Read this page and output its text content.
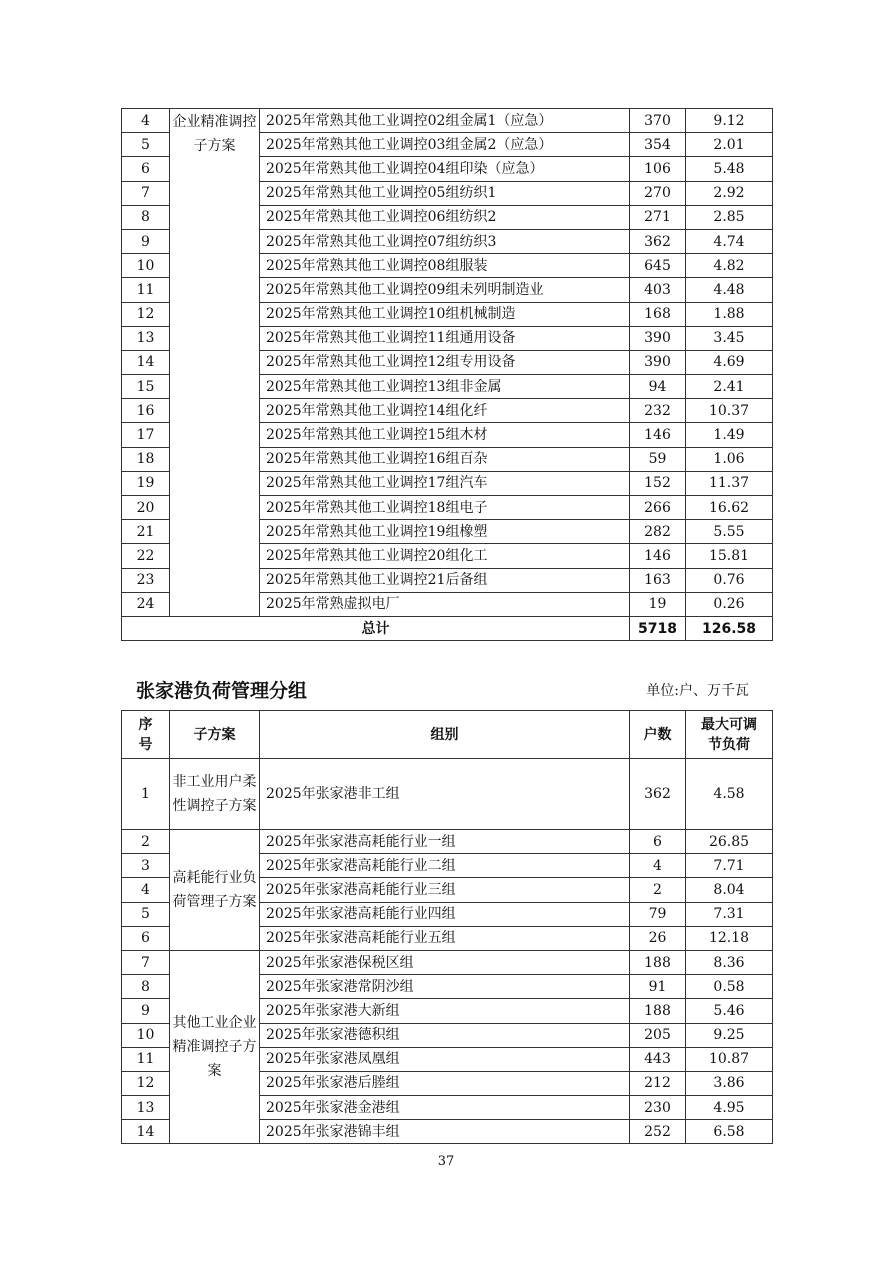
4	企业精准调控子方案	2025年常熟其他工业调控02组金属1（应急）	370	9.12
5		2025年常熟其他工业调控03组金属2（应急）	354	2.01
6		2025年常熟其他工业调控04组印染（应急）	106	5.48
7		2025年常熟其他工业调控05组纺织1	270	2.92
8		2025年常熟其他工业调控06组纺织2	271	2.85
9		2025年常熟其他工业调控07组纺织3	362	4.74
10		2025年常熟其他工业调控08组服装	645	4.82
11		2025年常熟其他工业调控09组未列明制造业	403	4.48
12		2025年常熟其他工业调控10组机械制造	168	1.88
13		2025年常熟其他工业调控11组通用设备	390	3.45
14		2025年常熟其他工业调控12组专用设备	390	4.69
15		2025年常熟其他工业调控13组非金属	94	2.41
16		2025年常熟其他工业调控14组化纤	232	10.37
17		2025年常熟其他工业调控15组木材	146	1.49
18		2025年常熟其他工业调控16组百杂	59	1.06
19		2025年常熟其他工业调控17组汽车	152	11.37
20		2025年常熟其他工业调控18组电子	266	16.62
21		2025年常熟其他工业调控19组橡塑	282	5.55
22		2025年常熟其他工业调控20组化工	146	15.81
23		2025年常熟其他工业调控21后备组	163	0.76
24		2025年常熟虚拟电厂	19	0.26
总计			5718	126.58
张家港负荷管理分组	单位:户、万千瓦
序号	子方案	组别	户数	最大可调节负荷
1	非工业用户柔性调控子方案	2025年张家港非工组	362	4.58
2	高耗能行业负荷管理子方案	2025年张家港高耗能行业一组	6	26.85
3		2025年张家港高耗能行业二组	4	7.71
4		2025年张家港高耗能行业三组	2	8.04
5		2025年张家港高耗能行业四组	79	7.31
6		2025年张家港高耗能行业五组	26	12.18
7	其他工业企业精准调控子方案	2025年张家港保税区组	188	8.36
8		2025年张家港常阴沙组	91	0.58
9		2025年张家港大新组	188	5.46
10		2025年张家港德积组	205	9.25
11		2025年张家港凤凰组	443	10.87
12		2025年张家港后塍组	212	3.86
13		2025年张家港金港组	230	4.95
14		2025年张家港锦丰组	252	6.58
37
